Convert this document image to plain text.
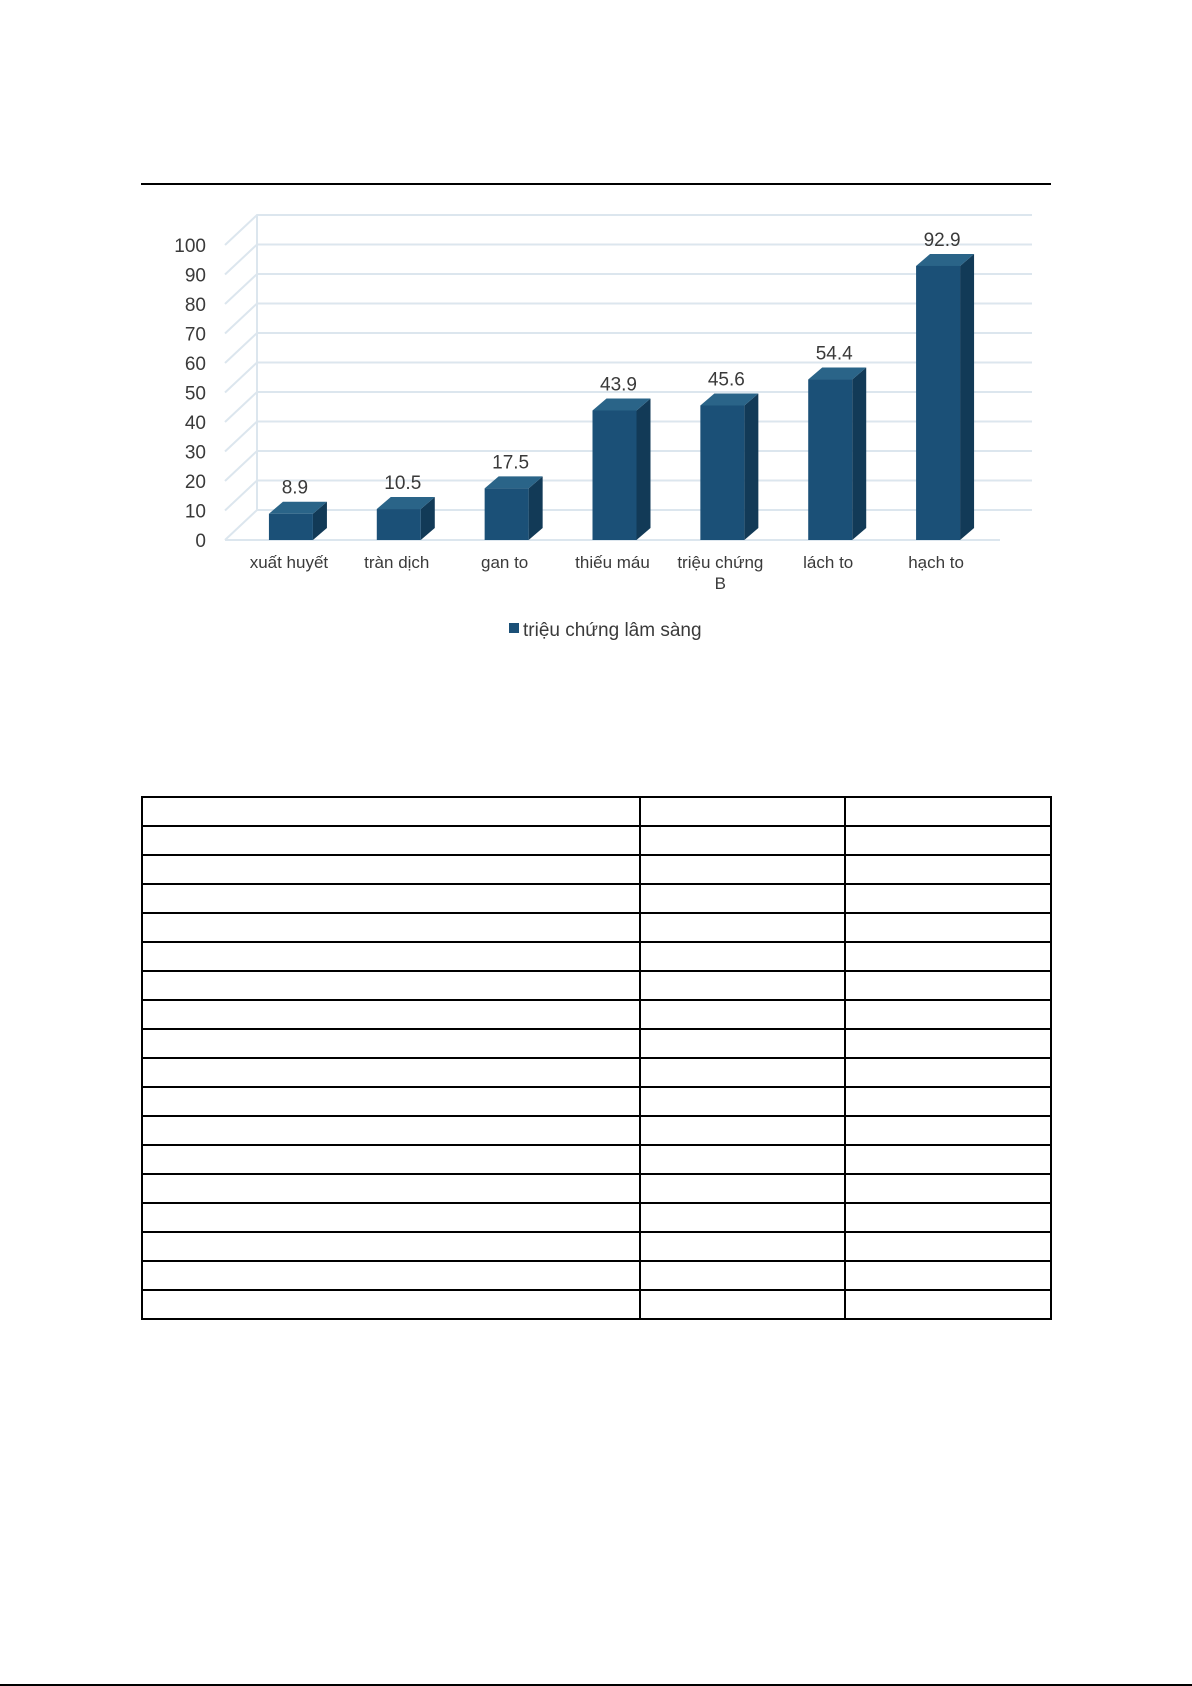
0
10
20
30
40
50
60
70
80
90
100
8.9	10.5
17.5
43.9	45.6
54.4
92.9
xuất huyết tràn dịch	gan to	thiếu máu triệu chứng
B
lách to	hạch to
triệu chứng lâm sàng
